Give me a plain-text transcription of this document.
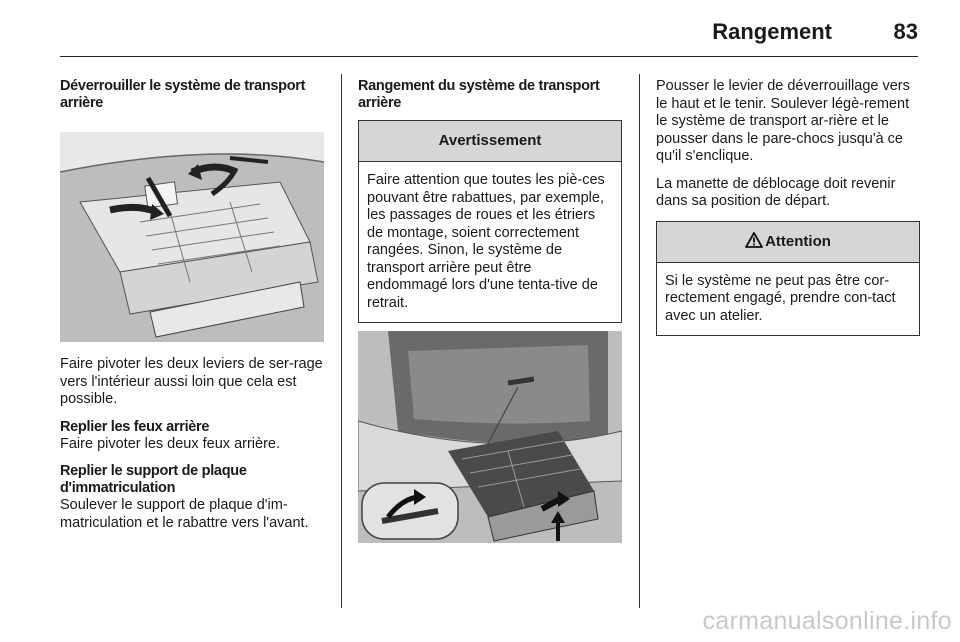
Rangement	83
Déverrouiller le système de transport arrière
Faire pivoter les deux leviers de ser-rage vers l'intérieur aussi loin que cela est possible.
Replier les feux arrière
Faire pivoter les deux feux arrière.
Replier le support de plaque d'immatriculation
Soulever le support de plaque d'im-matriculation et le rabattre vers l'avant.
Rangement du système de transport arrière
Avertissement
Faire attention que toutes les piè-ces pouvant être rabattues, par exemple, les passages de roues et les étriers de montage, soient correctement rangées. Sinon, le système de transport arrière peut être endommagé lors d'une tenta-tive de retrait.
Pousser le levier de déverrouillage vers le haut et le tenir. Soulever légè-rement le système de transport ar-rière et le pousser dans le pare-chocs jusqu'à ce qu'il s'enclique.
La manette de déblocage doit revenir dans sa position de départ.
Attention
Si le système ne peut pas être cor-rectement engagé, prendre con-tact avec un atelier.
carmanualsonline.info
